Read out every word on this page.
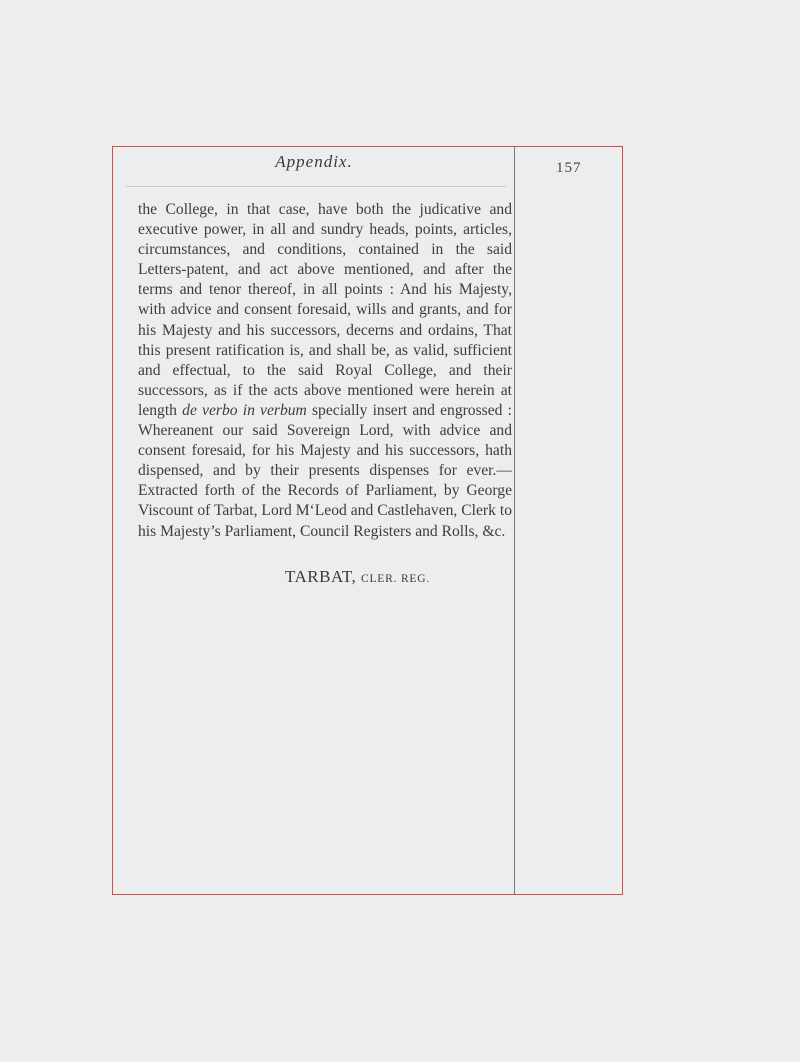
Appendix.	157

the College, in that case, have both the judicative and executive power, in all and sundry heads, points, articles, circumstances, and conditions, contained in the said Letters-patent, and act above mentioned, and after the terms and tenor thereof, in all points : And his Majesty, with advice and consent foresaid, wills and grants, and for his Majesty and his successors, decerns and ordains, That this present ratification is, and shall be, as valid, sufficient and effectual, to the said Royal College, and their successors, as if the acts above mentioned were herein at length de verbo in verbum specially insert and engrossed : Whereanent our said Sovereign Lord, with advice and consent foresaid, for his Majesty and his successors, hath dispensed, and by their presents dispenses for ever.—Extracted forth of the Records of Parliament, by George Viscount of Tarbat, Lord M‘Leod and Castlehaven, Clerk to his Majesty’s Parliament, Council Registers and Rolls, &c.

TARBAT, CLER. REG.
